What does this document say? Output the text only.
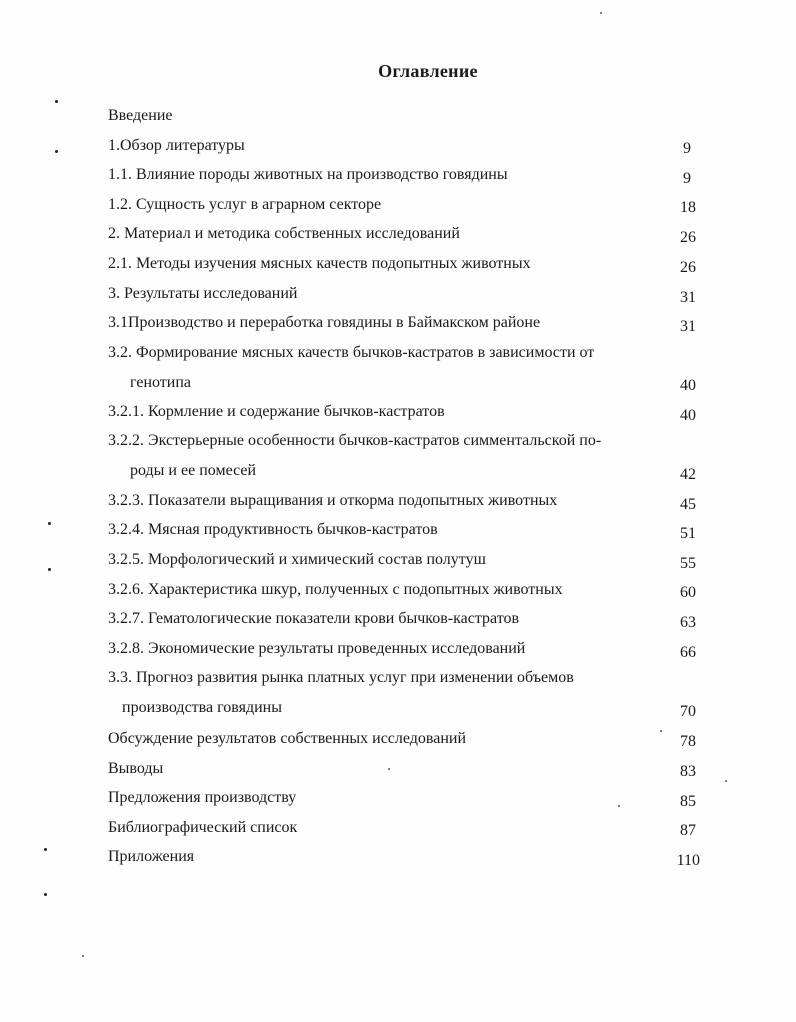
Оглавление
Введение
1.Обзор литературы	9
1.1. Влияние породы животных на производство говядины	9
1.2. Сущность услуг в аграрном секторе	18
2. Материал и методика собственных исследований	26
2.1. Методы изучения мясных качеств подопытных животных	26
3. Результаты исследований	31
3.1Производство и переработка говядины в Баймакском районе	31
3.2. Формирование мясных качеств бычков-кастратов в зависимости от
генотипа	40
3.2.1. Кормление и содержание бычков-кастратов	40
3.2.2. Экстерьерные особенности бычков-кастратов симментальской по-
роды и ее помесей	42
3.2.3. Показатели выращивания и откорма подопытных животных	45
3.2.4. Мясная продуктивность бычков-кастратов	51
3.2.5. Морфологический и химический состав полутуш	55
3.2.6. Характеристика шкур, полученных с подопытных животных	60
3.2.7. Гематологические показатели крови бычков-кастратов	63
3.2.8. Экономические результаты проведенных исследований	66
3.3. Прогноз развития рынка платных услуг при изменении объемов
производства говядины	70
Обсуждение результатов собственных исследований	78
Выводы	83
Предложения производству	85
Библиографический список	87
Приложения	110
